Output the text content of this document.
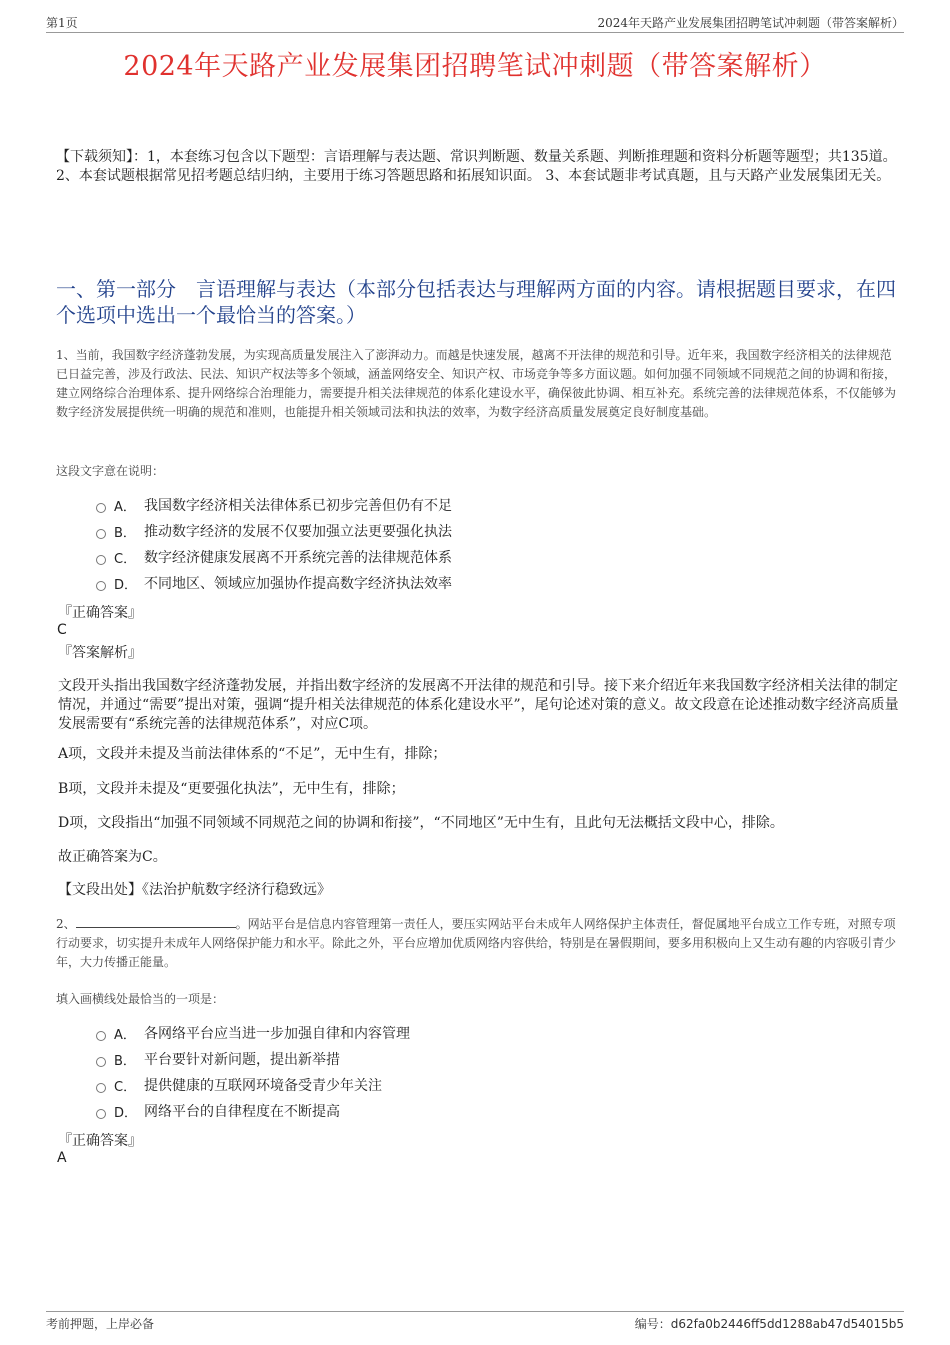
第1页	2024年天路产业发展集团招聘笔试冲刺题（带答案解析）
2024年天路产业发展集团招聘笔试冲刺题（带答案解析）
【下载须知】：1，本套练习包含以下题型：言语理解与表达题、常识判断题、数量关系题、判断推理题和资料分析题等题型；共135道。 2、本套试题根据常见招考题总结归纳，主要用于练习答题思路和拓展知识面。 3、本套试题非考试真题，且与天路产业发展集团无关。
一、第一部分　言语理解与表达（本部分包括表达与理解两方面的内容。请根据题目要求，在四个选项中选出一个最恰当的答案。）
1、当前，我国数字经济蓬勃发展，为实现高质量发展注入了澎湃动力。而越是快速发展，越离不开法律的规范和引导。近年来，我国数字经济相关的法律规范已日益完善，涉及行政法、民法、知识产权法等多个领域，涵盖网络安全、知识产权、市场竞争等多方面议题。如何加强不同领域不同规范之间的协调和衔接，建立网络综合治理体系、提升网络综合治理能力，需要提升相关法律规范的体系化建设水平，确保彼此协调、相互补充。系统完善的法律规范体系，不仅能够为数字经济发展提供统一明确的规范和准则，也能提升相关领域司法和执法的效率，为数字经济高质量发展奠定良好制度基础。
这段文字意在说明：
A． 我国数字经济相关法律体系已初步完善但仍有不足
B． 推动数字经济的发展不仅要加强立法更要强化执法
C． 数字经济健康发展离不开系统完善的法律规范体系
D． 不同地区、领域应加强协作提高数字经济执法效率
『正确答案』
C
『答案解析』
文段开头指出我国数字经济蓬勃发展，并指出数字经济的发展离不开法律的规范和引导。接下来介绍近年来我国数字经济相关法律的制定情况，并通过“需要”提出对策，强调“提升相关法律规范的体系化建设水平”，尾句论述对策的意义。故文段意在论述推动数字经济高质量发展需要有“系统完善的法律规范体系”，对应C项。
A项，文段并未提及当前法律体系的“不足”，无中生有，排除；
B项，文段并未提及“更要强化执法”，无中生有，排除；
D项，文段指出“加强不同领域不同规范之间的协调和衔接”，“不同地区”无中生有，且此句无法概括文段中心，排除。
故正确答案为C。
【文段出处】《法治护航数字经济行稳致远》
2、	。网站平台是信息内容管理第一责任人，要压实网站平台未成年人网络保护主体责任，督促属地平台成立工作专班，对照专项行动要求，切实提升未成年人网络保护能力和水平。除此之外，平台应增加优质网络内容供给，特别是在暑假期间，要多用积极向上又生动有趣的内容吸引青少年，大力传播正能量。
填入画横线处最恰当的一项是：
A． 各网络平台应当进一步加强自律和内容管理
B． 平台要针对新问题，提出新举措
C． 提供健康的互联网环境备受青少年关注
D． 网络平台的自律程度在不断提高
『正确答案』
A
考前押题，上岸必备	编号：d62fa0b2446ff5dd1288ab47d54015b5
